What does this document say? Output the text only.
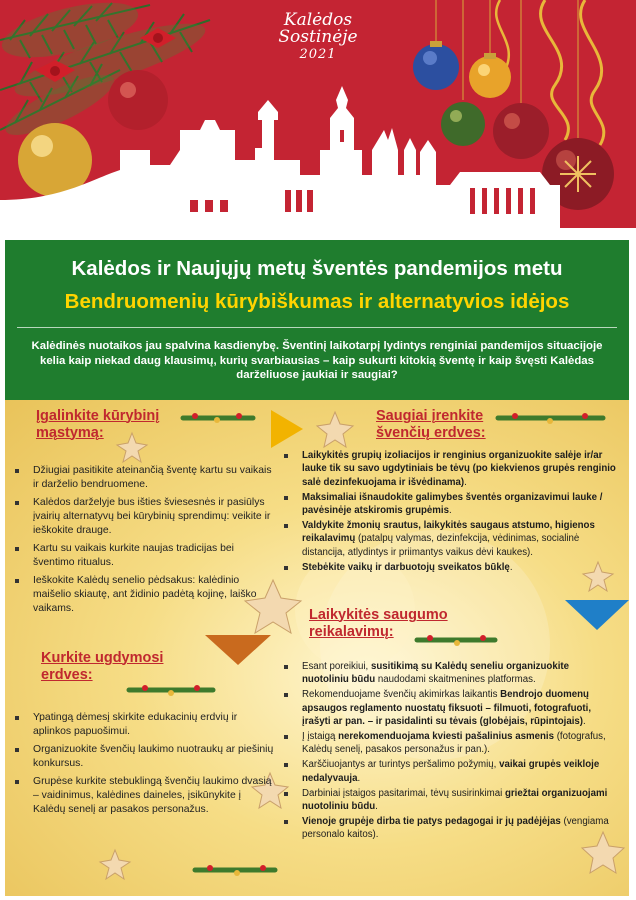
Kalėdos
Sostinėje
2021
Kalėdos ir Naujųjų metų šventės pandemijos metu
Bendruomenių kūrybiškumas ir alternatyvios idėjos
Kalėdinės nuotaikos jau spalvina kasdienybę. Šventinį laikotarpį lydintys renginiai pandemijos situacijoje kelia kaip niekad daug klausimų, kurių svarbiausias – kaip sukurti kitokią šventę ir kaip švęsti Kalėdas darželiuose jaukiai ir saugiai?
Įgalinkite kūrybinį mąstymą:
Džiugiai pasitikite ateinančią šventę kartu su vaikais ir darželio bendruomene.
Kalėdos darželyje bus išties šviesesnės ir pasiūlys įvairių alternatyvų bei kūrybinių sprendimų: veikite ir ieškokite drauge.
Kartu su vaikais kurkite naujas tradicijas bei šventimo ritualus.
Ieškokite Kalėdų senelio pėdsakus: kalėdinio maišelio skiautę, ant židinio padėtą kojinę, laiško vaikams.
Kurkite ugdymosi erdves:
Ypatingą dėmesį skirkite edukacinių erdvių ir aplinkos papuošimui.
Organizuokite švenčių laukimo nuotraukų ar piešinių konkursus.
Grupėse kurkite stebuklingą švenčių laukimo dvasią – vaidinimus, kalėdines daineles, įsikūnykite į Kalėdų senelį ar pasakos personažus.
Saugiai įrenkite švenčių erdves:
Laikykitės grupių izoliacijos ir renginius organizuokite salėje ir/ar lauke tik su savo ugdytiniais be tėvų (po kiekvienos grupės renginio salė dezinfekuojama ir išvėdinama).
Maksimaliai išnaudokite galimybes šventės organizavimui lauke / pavėsinėje atskiromis grupėmis.
Valdykite žmonių srautus, laikykitės saugaus atstumo, higienos reikalavimų (patalpų valymas, dezinfekcija, vėdinimas, socialinė distancija, atlydintys ir priimantys vaikus dėvi kaukes).
Stebėkite vaikų ir darbuotojų sveikatos būklę.
Laikykitės saugumo reikalavimų:
Esant poreikiui, susitikimą su Kalėdų seneliu organizuokite nuotoliniu būdu naudodami skaitmenines platformas.
Rekomenduojame švenčių akimirkas laikantis Bendrojo duomenų apsaugos reglamento nuostatų fiksuoti – filmuoti, fotografuoti, įrašyti ar pan. – ir pasidalinti su tėvais (globėjais, rūpintojais).
Į įstaigą nerekomenduojama kviesti pašalinius asmenis (fotografus, Kalėdų senelį, pasakos personažus ir pan.).
Karščiuojantys ar turintys peršalimo požymių, vaikai grupės veikloje nedalyvauja.
Darbiniai įstaigos pasitarimai, tėvų susirinkimai griežtai organizuojami nuotoliniu būdu.
Vienoje grupėje dirba tie patys pedagogai ir jų padėjėjas (vengiama personalo kaitos).
